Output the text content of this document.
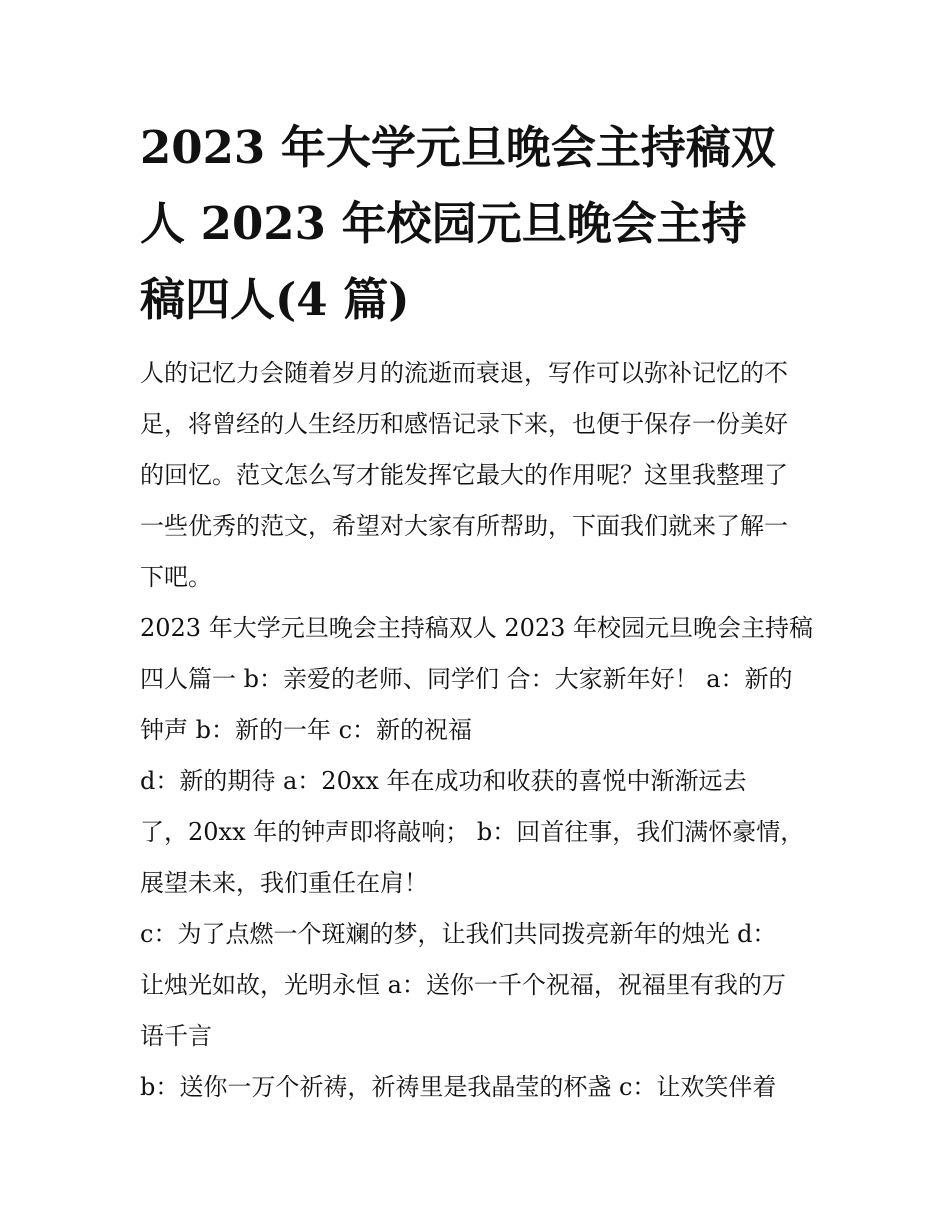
2023 年大学元旦晚会主持稿双
人 2023 年校园元旦晚会主持
稿四人(4 篇)
人的记忆力会随着岁月的流逝而衰退，写作可以弥补记忆的不
足，将曾经的人生经历和感悟记录下来，也便于保存一份美好
的回忆。范文怎么写才能发挥它最大的作用呢？这里我整理了
一些优秀的范文，希望对大家有所帮助，下面我们就来了解一
下吧。
2023 年大学元旦晚会主持稿双人 2023 年校园元旦晚会主持稿
四人篇一 b：亲爱的老师、同学们 合：大家新年好！ a：新的
钟声 b：新的一年 c：新的祝福
d：新的期待 a：20xx 年在成功和收获的喜悦中渐渐远去
了，20xx 年的钟声即将敲响； b：回首往事，我们满怀豪情，
展望未来，我们重任在肩！
c：为了点燃一个斑斓的梦，让我们共同拨亮新年的烛光 d：
让烛光如故，光明永恒 a：送你一千个祝福，祝福里有我的万
语千言
b：送你一万个祈祷，祈祷里是我晶莹的杯盏 c：让欢笑伴着
